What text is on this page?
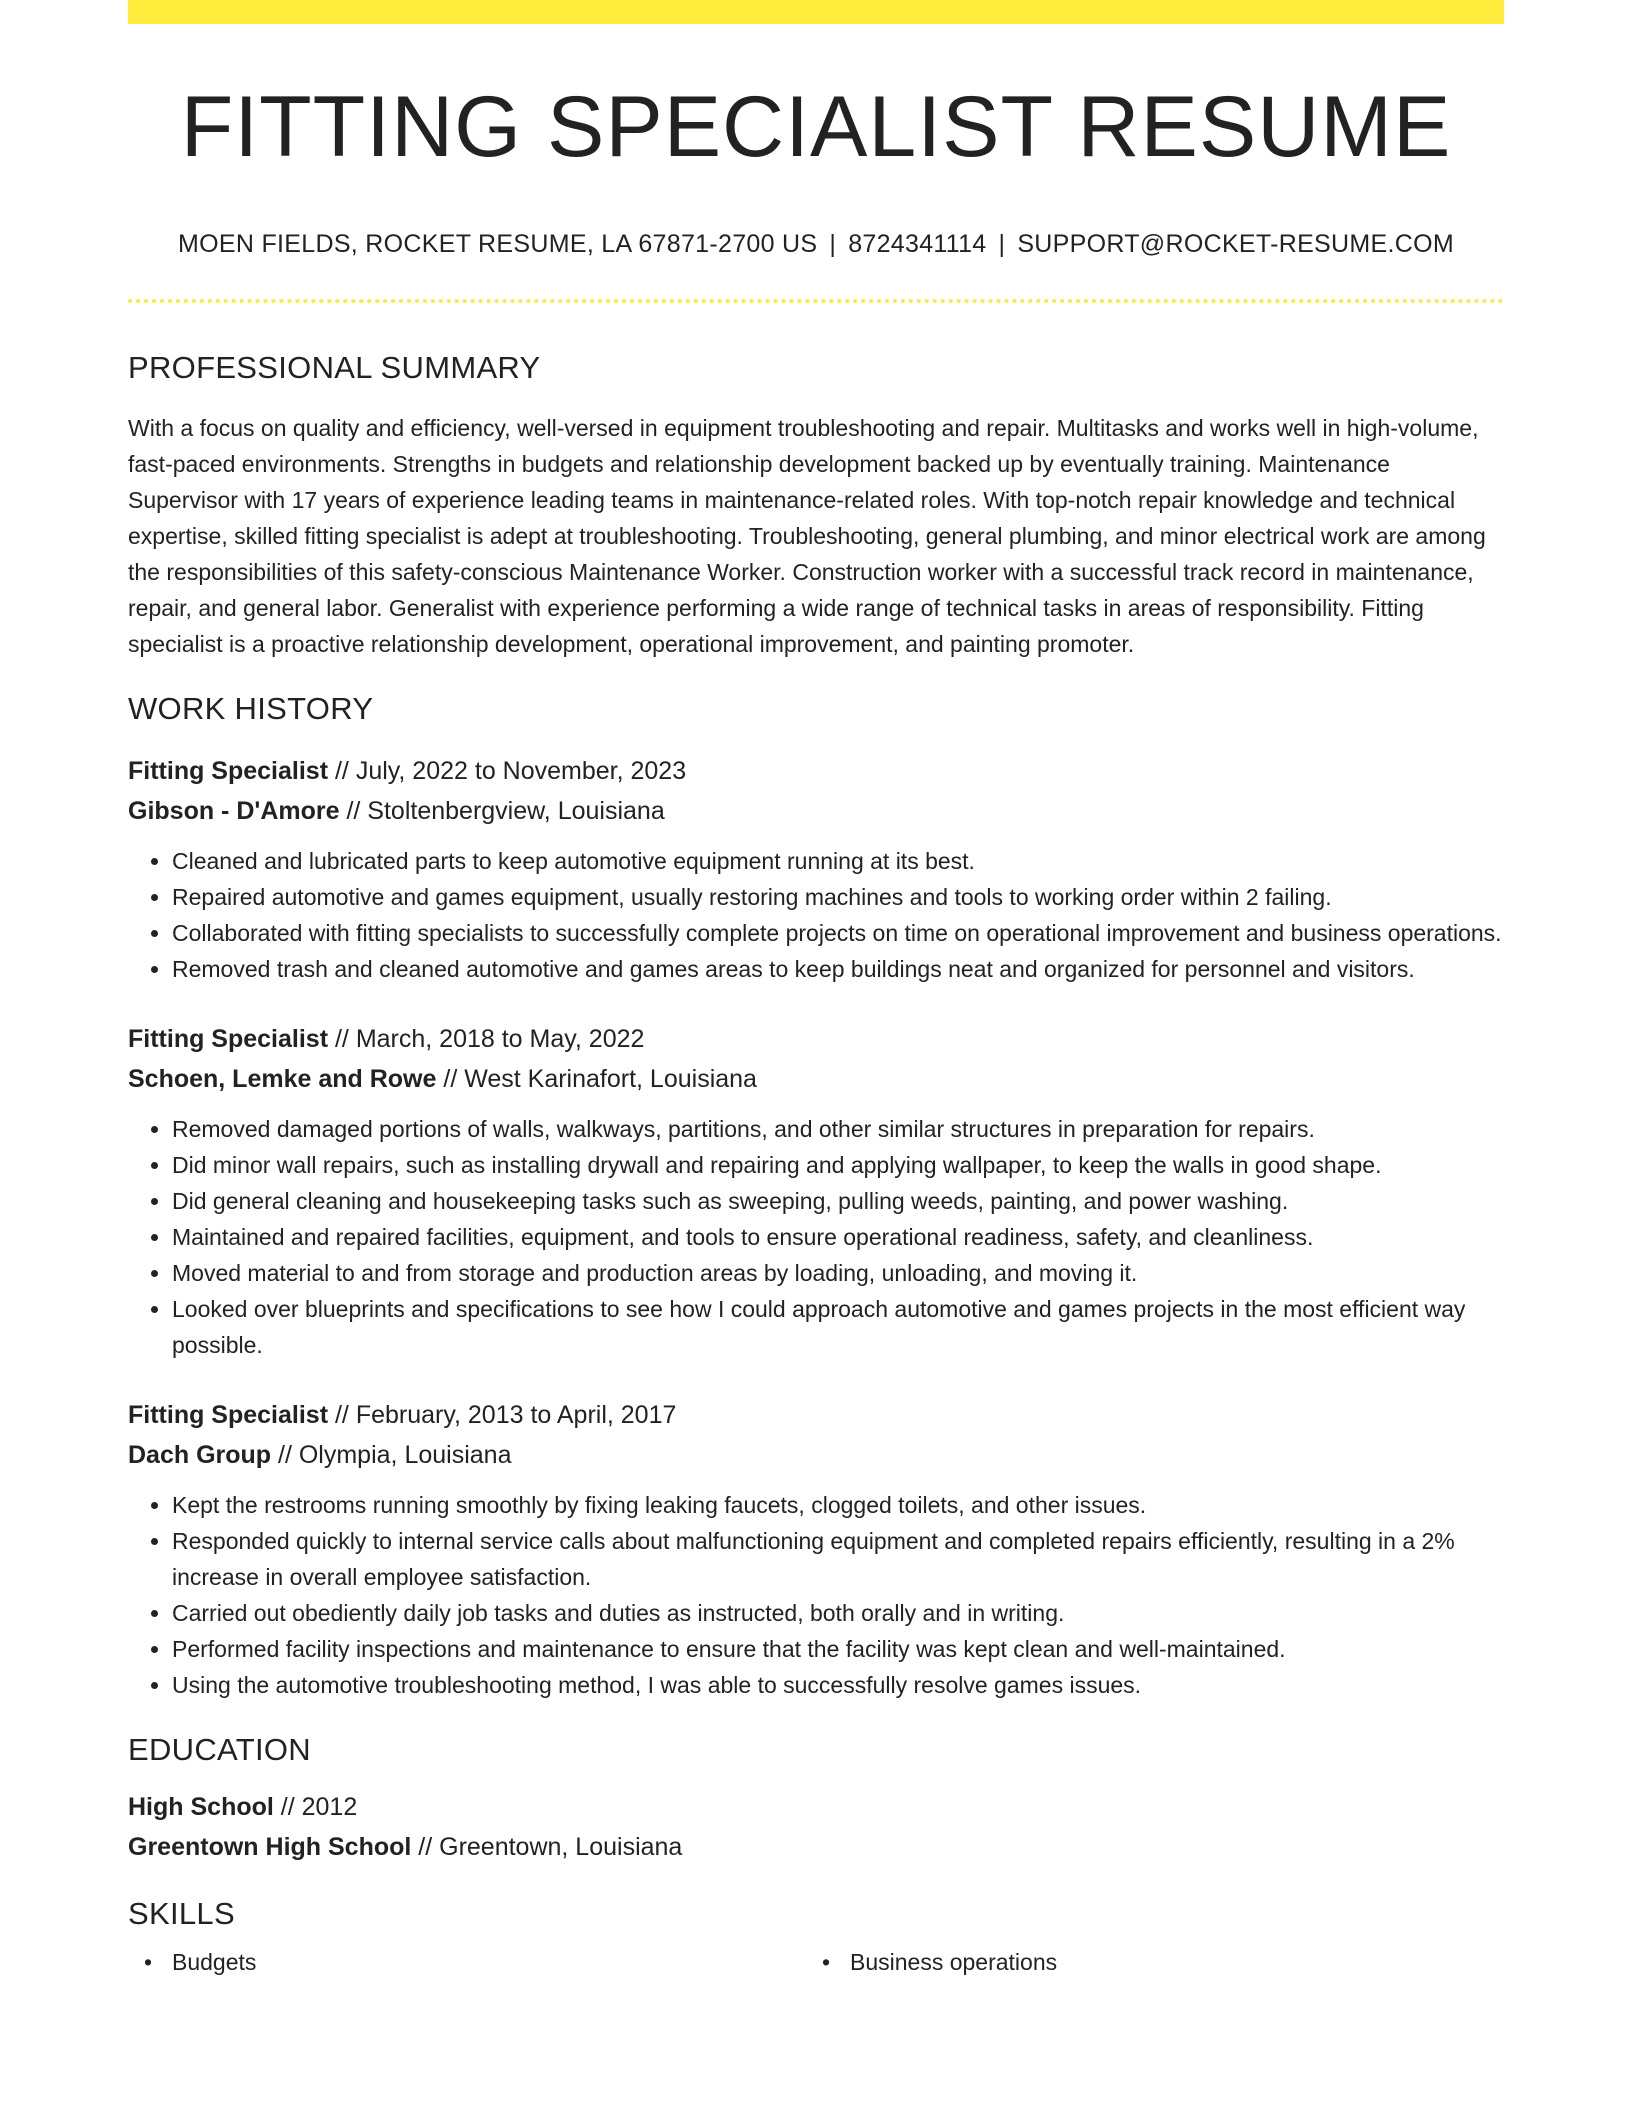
FITTING SPECIALIST RESUME
MOEN FIELDS, ROCKET RESUME, LA 67871-2700 US | 8724341114 | SUPPORT@ROCKET-RESUME.COM
PROFESSIONAL SUMMARY

With a focus on quality and efficiency, well-versed in equipment troubleshooting and repair. Multitasks and works well in high-volume, fast-paced environments. Strengths in budgets and relationship development backed up by eventually training. Maintenance Supervisor with 17 years of experience leading teams in maintenance-related roles. With top-notch repair knowledge and technical expertise, skilled fitting specialist is adept at troubleshooting. Troubleshooting, general plumbing, and minor electrical work are among the responsibilities of this safety-conscious Maintenance Worker. Construction worker with a successful track record in maintenance, repair, and general labor. Generalist with experience performing a wide range of technical tasks in areas of responsibility. Fitting specialist is a proactive relationship development, operational improvement, and painting promoter.

WORK HISTORY
Fitting Specialist // July, 2022 to November, 2023
Gibson - D'Amore // Stoltenbergview, Louisiana
• Cleaned and lubricated parts to keep automotive equipment running at its best.
• Repaired automotive and games equipment, usually restoring machines and tools to working order within 2 failing.
• Collaborated with fitting specialists to successfully complete projects on time on operational improvement and business operations.
• Removed trash and cleaned automotive and games areas to keep buildings neat and organized for personnel and visitors.
Fitting Specialist // March, 2018 to May, 2022
Schoen, Lemke and Rowe // West Karinafort, Louisiana
• Removed damaged portions of walls, walkways, partitions, and other similar structures in preparation for repairs.
• Did minor wall repairs, such as installing drywall and repairing and applying wallpaper, to keep the walls in good shape.
• Did general cleaning and housekeeping tasks such as sweeping, pulling weeds, painting, and power washing.
• Maintained and repaired facilities, equipment, and tools to ensure operational readiness, safety, and cleanliness.
• Moved material to and from storage and production areas by loading, unloading, and moving it.
• Looked over blueprints and specifications to see how I could approach automotive and games projects in the most efficient way possible.
Fitting Specialist // February, 2013 to April, 2017
Dach Group // Olympia, Louisiana
• Kept the restrooms running smoothly by fixing leaking faucets, clogged toilets, and other issues.
• Responded quickly to internal service calls about malfunctioning equipment and completed repairs efficiently, resulting in a 2% increase in overall employee satisfaction.
• Carried out obediently daily job tasks and duties as instructed, both orally and in writing.
• Performed facility inspections and maintenance to ensure that the facility was kept clean and well-maintained.
• Using the automotive troubleshooting method, I was able to successfully resolve games issues.
EDUCATION
High School // 2012
Greentown High School // Greentown, Louisiana
SKILLS
• Budgets
•	Business operations
